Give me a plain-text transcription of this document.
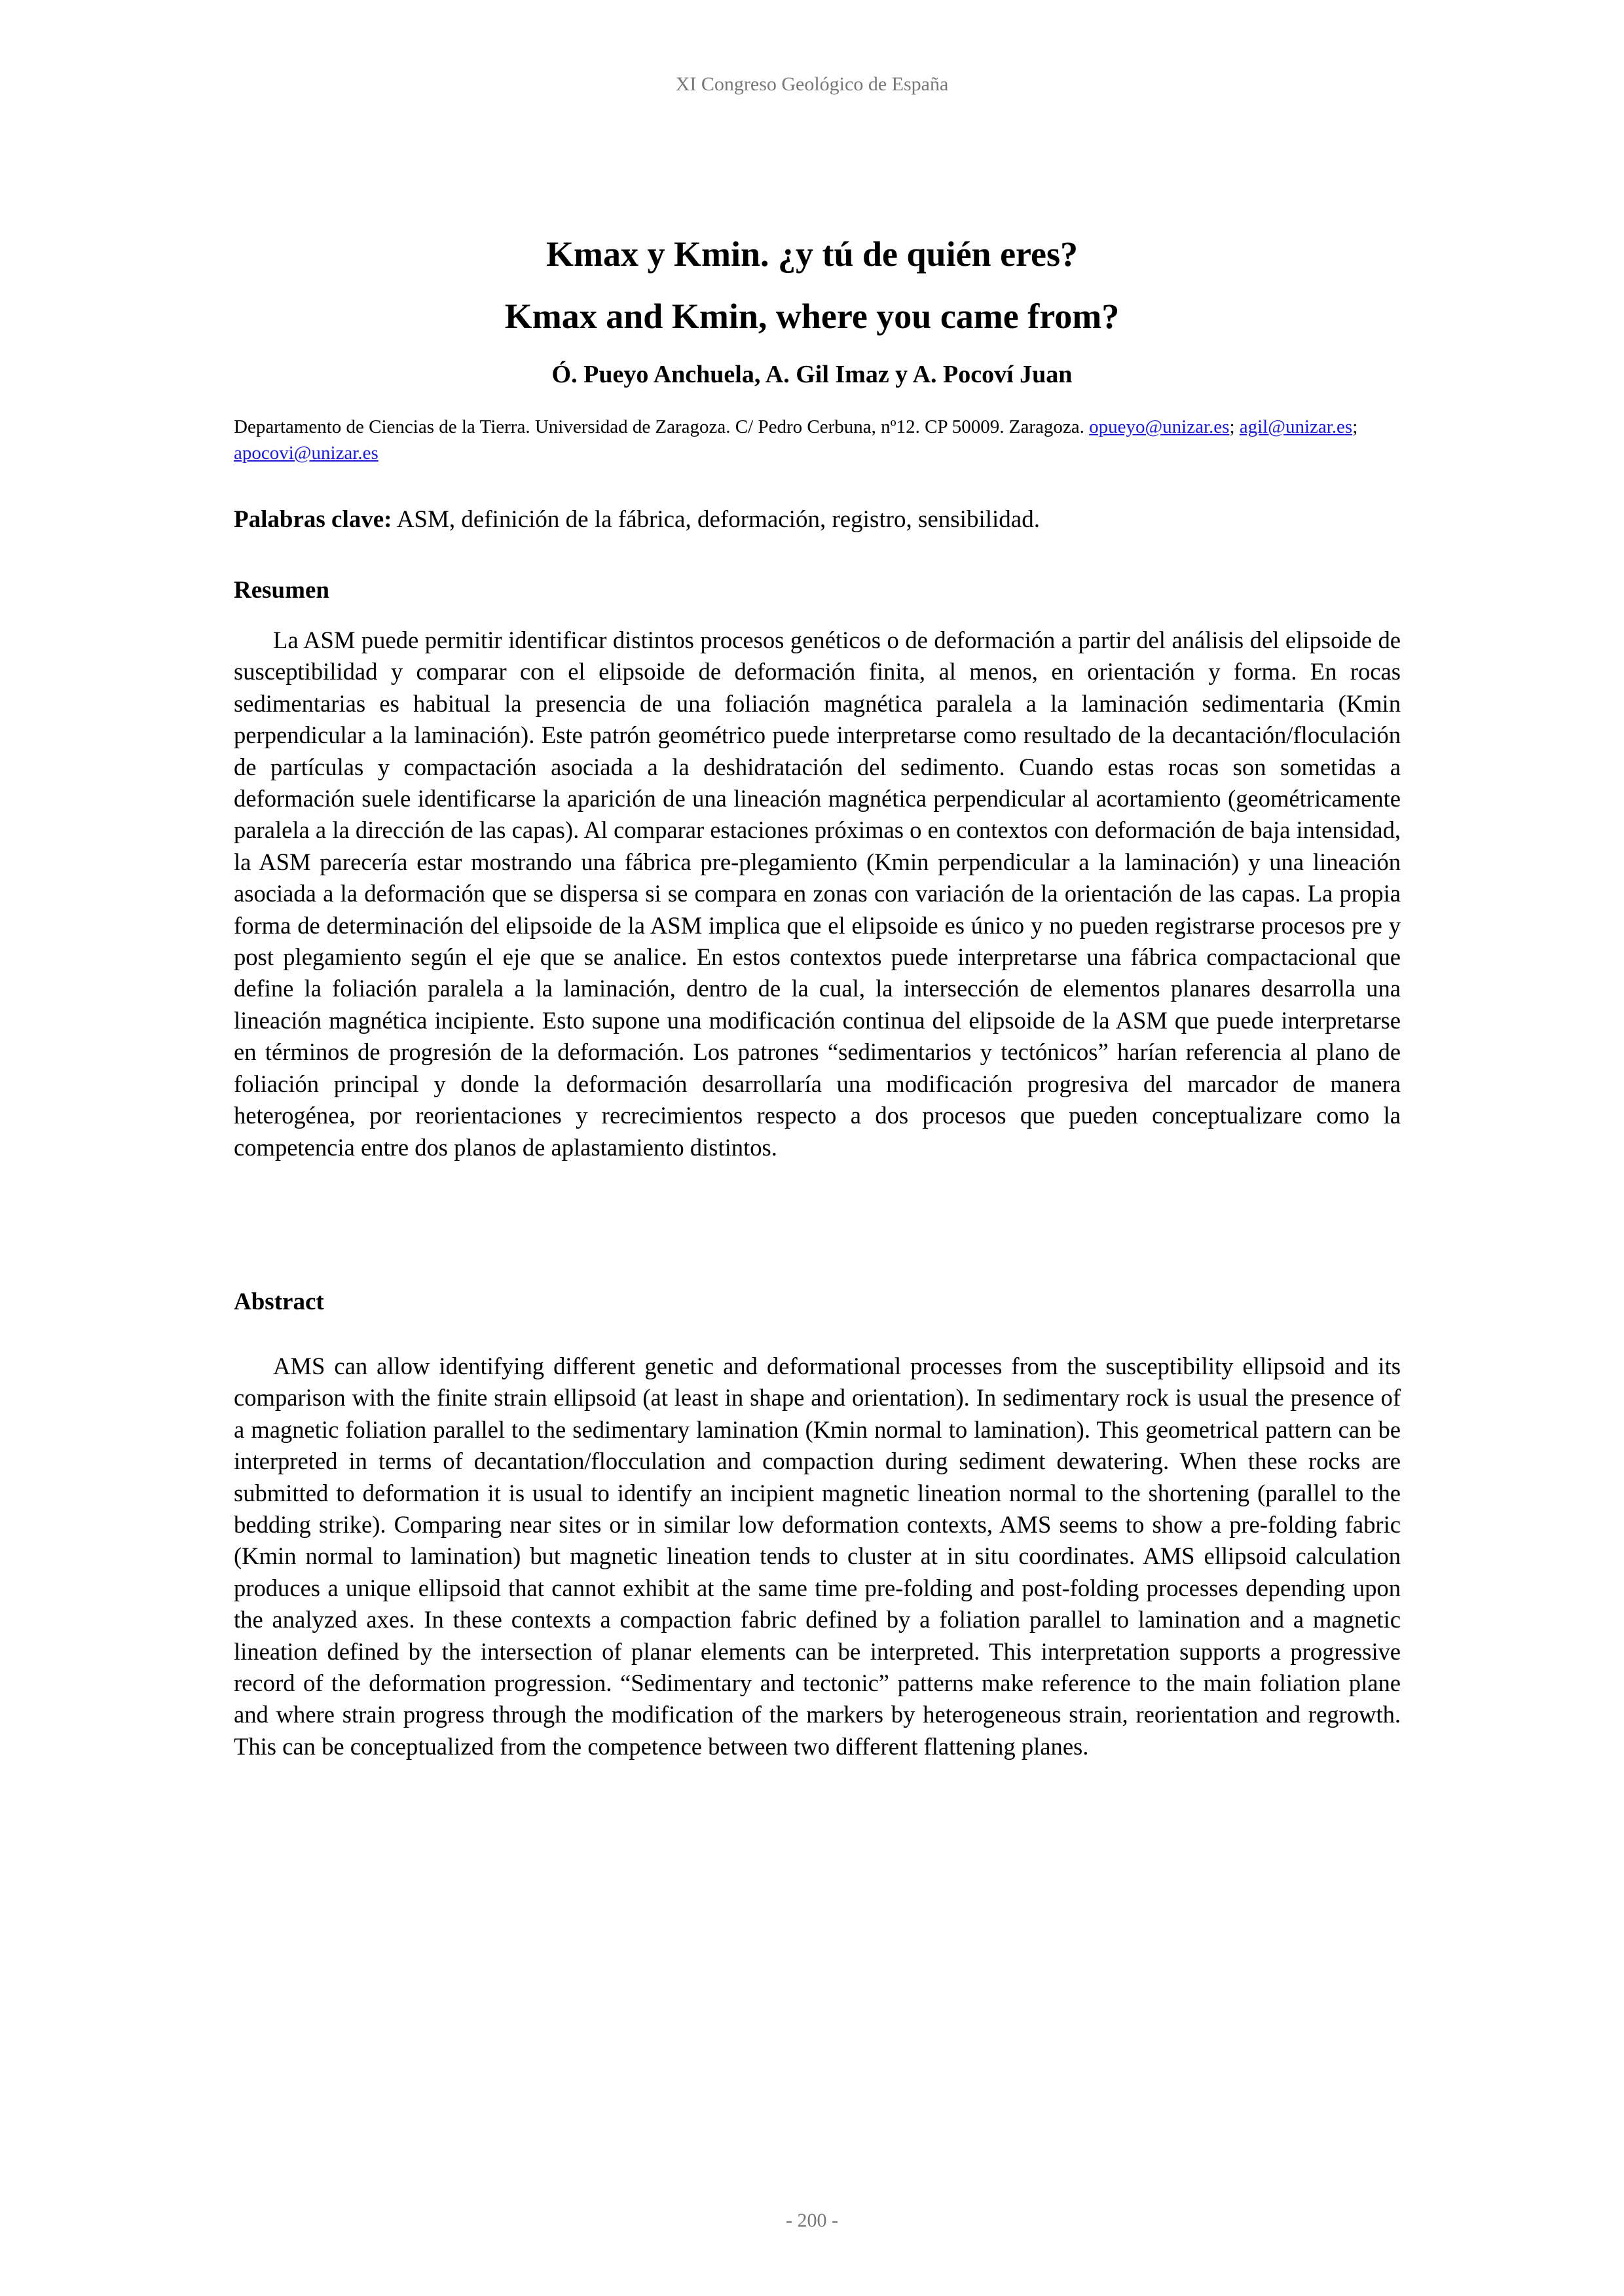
XI Congreso Geológico de España
Kmax y Kmin. ¿y tú de quién eres?
Kmax and Kmin, where you came from?
Ó. Pueyo Anchuela, A. Gil Imaz y A. Pocoví Juan
Departamento de Ciencias de la Tierra. Universidad de Zaragoza. C/ Pedro Cerbuna, nº12. CP 50009. Zaragoza. opueyo@unizar.es; agil@unizar.es; apocovi@unizar.es
Palabras clave: ASM, definición de la fábrica, deformación, registro, sensibilidad.
Resumen

La ASM puede permitir identificar distintos procesos genéticos o de deformación a partir del análisis del elipsoide de susceptibilidad y comparar con el elipsoide de deformación finita, al menos, en orientación y forma. En rocas sedimentarias es habitual la presencia de una foliación magnética paralela a la laminación sedimentaria (Kmin perpendicular a la laminación). Este patrón geométrico puede interpretarse como resultado de la decantación/floculación de partículas y compactación asociada a la deshidratación del sedimento. Cuando estas rocas son sometidas a deformación suele identificarse la aparición de una lineación magnética perpendicular al acortamiento (geométricamente paralela a la dirección de las capas). Al comparar estaciones próximas o en contextos con deformación de baja intensidad, la ASM parecería estar mostrando una fábrica pre-plegamiento (Kmin perpendicular a la laminación) y una lineación asociada a la deformación que se dispersa si se compara en zonas con variación de la orientación de las capas. La propia forma de determinación del elipsoide de la ASM implica que el elipsoide es único y no pueden registrarse procesos pre y post plegamiento según el eje que se analice. En estos contextos puede interpretarse una fábrica compactacional que define la foliación paralela a la laminación, dentro de la cual, la intersección de elementos planares desarrolla una lineación magnética incipiente. Esto supone una modificación continua del elipsoide de la ASM que puede interpretarse en términos de progresión de la deformación. Los patrones “sedimentarios y tectónicos” harían referencia al plano de foliación principal y donde la deformación desarrollaría una modificación progresiva del marcador de manera heterogénea, por reorientaciones y recrecimientos respecto a dos procesos que pueden conceptualizare como la competencia entre dos planos de aplastamiento distintos.

Abstract

AMS can allow identifying different genetic and deformational processes from the susceptibility ellipsoid and its comparison with the finite strain ellipsoid (at least in shape and orientation). In sedimentary rock is usual the presence of a magnetic foliation parallel to the sedimentary lamination (Kmin normal to lamination). This geometrical pattern can be interpreted in terms of decantation/flocculation and compaction during sediment dewatering. When these rocks are submitted to deformation it is usual to identify an incipient magnetic lineation normal to the shortening (parallel to the bedding strike). Comparing near sites or in similar low deformation contexts, AMS seems to show a pre-folding fabric (Kmin normal to lamination) but magnetic lineation tends to cluster at in situ coordinates. AMS ellipsoid calculation produces a unique ellipsoid that cannot exhibit at the same time pre-folding and post-folding processes depending upon the analyzed axes. In these contexts a compaction fabric defined by a foliation parallel to lamination and a magnetic lineation defined by the intersection of planar elements can be interpreted. This interpretation supports a progressive record of the deformation progression. “Sedimentary and tectonic” patterns make reference to the main foliation plane and where strain progress through the modification of the markers by heterogeneous strain, reorientation and regrowth. This can be conceptualized from the competence between two different flattening planes.

- 200 -
